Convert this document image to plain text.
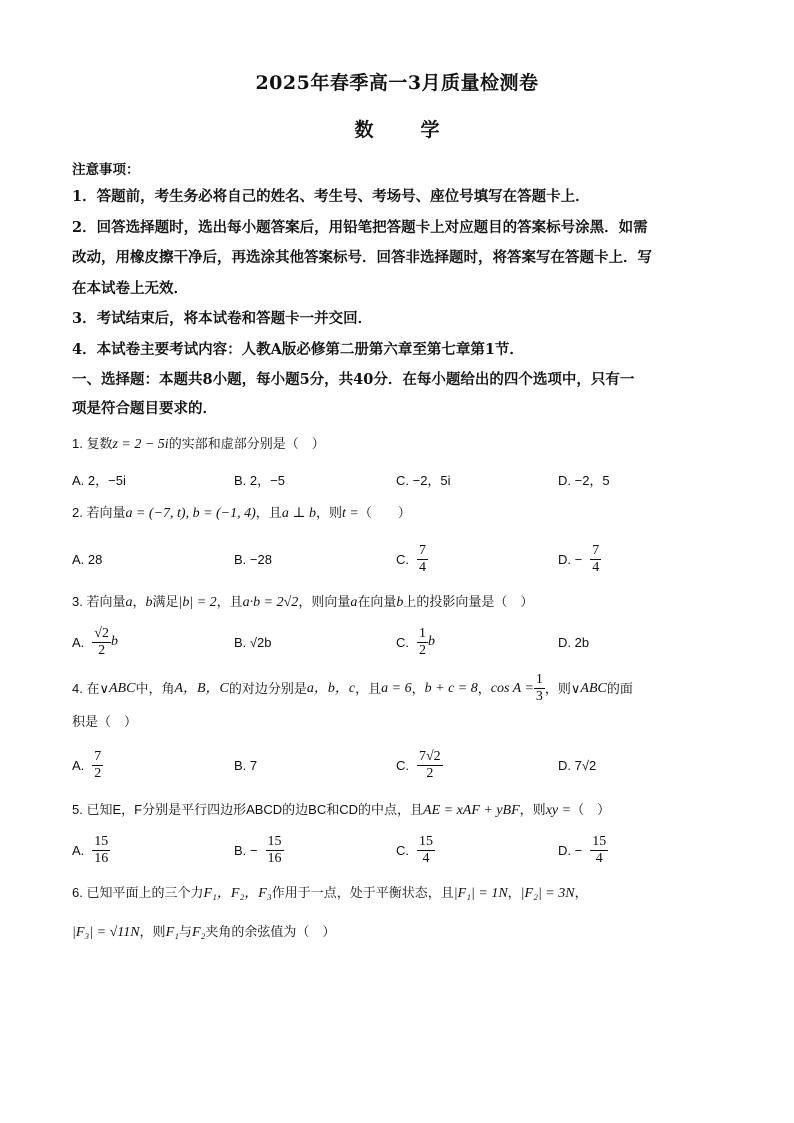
2025年春季高一3月质量检测卷
数　学
注意事项：
1．答题前，考生务必将自己的姓名、考生号、考场号、座位号填写在答题卡上．
2．回答选择题时，选出每小题答案后，用铅笔把答题卡上对应题目的答案标号涂黑．如需
改动，用橡皮擦干净后，再选涂其他答案标号．回答非选择题时，将答案写在答题卡上．写
在本试卷上无效．
3．考试结束后，将本试卷和答题卡一并交回．
4．本试卷主要考试内容：人教A版必修第二册第六章至第七章第1节．
一、选择题：本题共8小题，每小题5分，共40分．在每小题给出的四个选项中，只有一
项是符合题目要求的．
1. 复数z = 2 − 5i的实部和虚部分别是（　）
A. 2，−5i	B. 2，−5	C. −2，5i	D. −2，5
2. 若向量a = (−7, t), b = (−1, 4)，且a ⊥ b，则t =（　　）
A. 28	B. −28	C. $\frac{7}{4}$	D. − $\frac{7}{4}$
3. 若向量a，b满足|b| = 2，且a·b = 2√2，则向量a在向量b上的投影向量是（　）
A. $\frac{√2}{2}$ b	B. √2b	C. $\frac{1}{2}$ b	D. 2b
4. 在∨ ABC 中，角 A，B，C 的对边分别是 a，b，c ，且 a = 6 ， b + c = 8 ， $\cos A = \frac{1}{3}$ ，则∨ ABC 的面
积是（　）
A. $\frac{7}{2}$	B. 7	C. $\frac{7√2}{2}$	D. 7√2
5. 已知E，F分别是平行四边形ABCD的边BC和CD的中点，且AE = xAF + yBF，则xy =（　）
A. $\frac{15}{16}$	B. − $\frac{15}{16}$	C. $\frac{15}{4}$	D. − $\frac{15}{4}$
6. 已知平面上的三个力F₁，F₂，F₃作用于一点，处于平衡状态，且|F₁| = 1N，|F₂| = 3N，
|F₃| = √11N，则F₁与F₂夹角的余弦值为（　）
